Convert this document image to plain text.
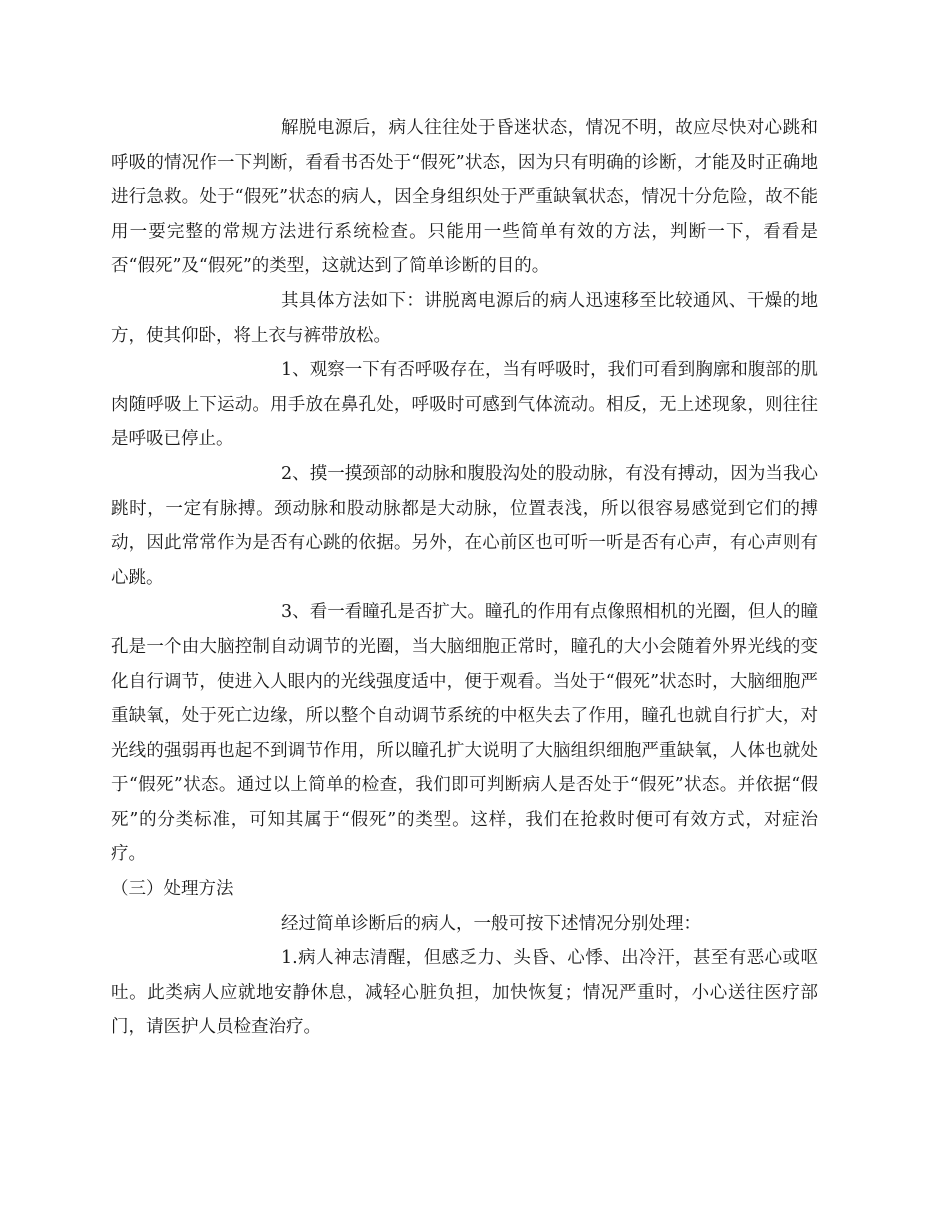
解脱电源后，病人往往处于昏迷状态，情况不明，故应尽快对心跳和呼吸的情况作一下判断，看看书否处于“假死”状态，因为只有明确的诊断，才能及时正确地进行急救。处于“假死”状态的病人，因全身组织处于严重缺氧状态，情况十分危险，故不能用一要完整的常规方法进行系统检查。只能用一些简单有效的方法，判断一下，看看是否“假死”及“假死”的类型，这就达到了简单诊断的目的。

其具体方法如下：讲脱离电源后的病人迅速移至比较通风、干燥的地方，使其仰卧，将上衣与裤带放松。

1、观察一下有否呼吸存在，当有呼吸时，我们可看到胸廓和腹部的肌肉随呼吸上下运动。用手放在鼻孔处，呼吸时可感到气体流动。相反，无上述现象，则往往是呼吸已停止。

2、摸一摸颈部的动脉和腹股沟处的股动脉，有没有搏动，因为当我心跳时，一定有脉搏。颈动脉和股动脉都是大动脉，位置表浅，所以很容易感觉到它们的搏动，因此常常作为是否有心跳的依据。另外，在心前区也可听一听是否有心声，有心声则有心跳。

3、看一看瞳孔是否扩大。瞳孔的作用有点像照相机的光圈，但人的瞳孔是一个由大脑控制自动调节的光圈，当大脑细胞正常时，瞳孔的大小会随着外界光线的变化自行调节，使进入人眼内的光线强度适中，便于观看。当处于“假死”状态时，大脑细胞严重缺氧，处于死亡边缘，所以整个自动调节系统的中枢失去了作用，瞳孔也就自行扩大，对光线的强弱再也起不到调节作用，所以瞳孔扩大说明了大脑组织细胞严重缺氧，人体也就处于“假死”状态。通过以上简单的检查，我们即可判断病人是否处于“假死”状态。并依据“假死”的分类标准，可知其属于“假死”的类型。这样，我们在抢救时便可有效方式，对症治疗。

（三）处理方法

经过简单诊断后的病人，一般可按下述情况分别处理：

1.病人神志清醒，但感乏力、头昏、心悸、出冷汗，甚至有恶心或呕吐。此类病人应就地安静休息，减轻心脏负担，加快恢复；情况严重时，小心送往医疗部门，请医护人员检查治疗。
